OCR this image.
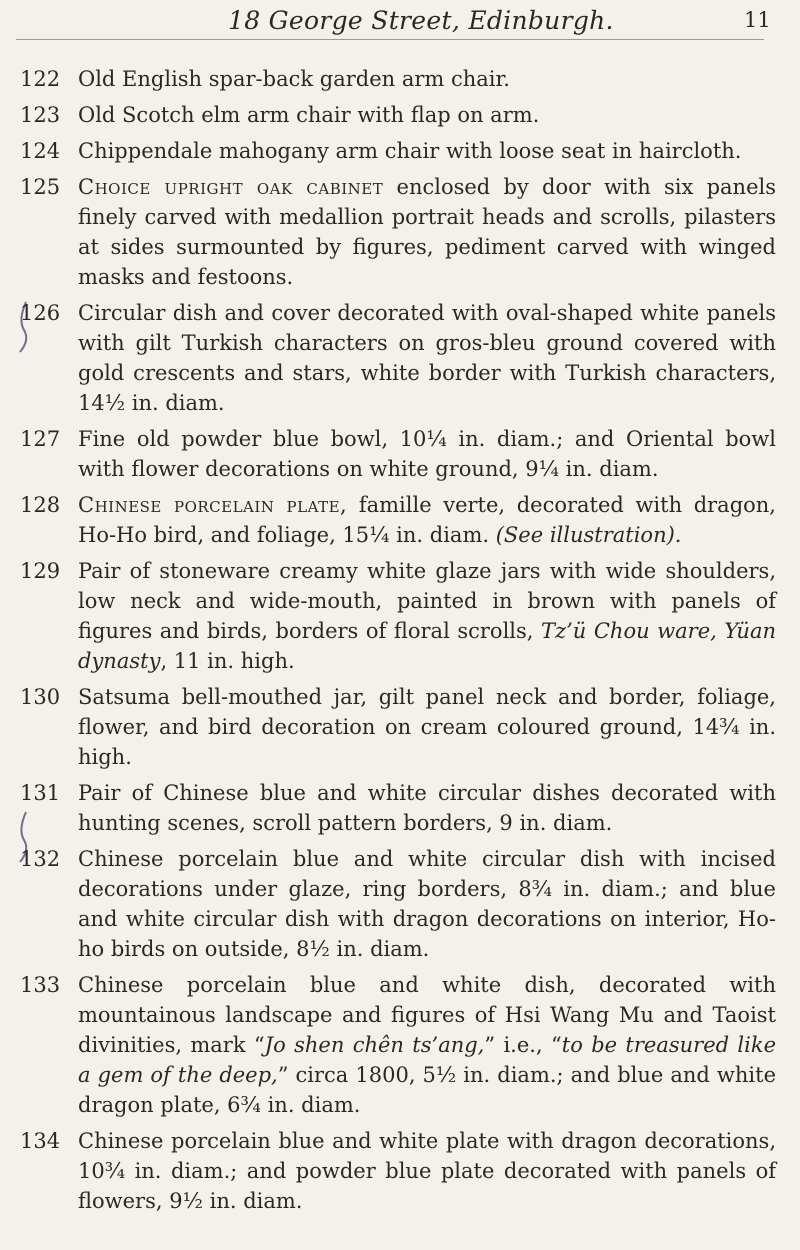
18 George Street, Edinburgh.	11
122 Old English spar-back garden arm chair.
123 Old Scotch elm arm chair with flap on arm.
124 Chippendale mahogany arm chair with loose seat in haircloth.
125 Choice upright oak cabinet enclosed by door with six panels finely carved with medallion portrait heads and scrolls, pilasters at sides surmounted by figures, pediment carved with winged masks and festoons.
126 Circular dish and cover decorated with oval-shaped white panels with gilt Turkish characters on gros-bleu ground covered with gold crescents and stars, white border with Turkish characters, 14½ in. diam.
127 Fine old powder blue bowl, 10¼ in. diam.; and Oriental bowl with flower decorations on white ground, 9¼ in. diam.
128 Chinese porcelain plate, famille verte, decorated with dragon, Ho-Ho bird, and foliage, 15¼ in. diam. (See illustration).
129 Pair of stoneware creamy white glaze jars with wide shoulders, low neck and wide-mouth, painted in brown with panels of figures and birds, borders of floral scrolls, Tz’ü Chou ware, Yüan dynasty, 11 in. high.
130 Satsuma bell-mouthed jar, gilt panel neck and border, foliage, flower, and bird decoration on cream coloured ground, 14¾ in. high.
131 Pair of Chinese blue and white circular dishes decorated with hunting scenes, scroll pattern borders, 9 in. diam.
132 Chinese porcelain blue and white circular dish with incised decorations under glaze, ring borders, 8¾ in. diam.; and blue and white circular dish with dragon decorations on interior, Ho-ho birds on outside, 8½ in. diam.
133 Chinese porcelain blue and white dish, decorated with mountainous landscape and figures of Hsi Wang Mu and Taoist divinities, mark “Jo shen chên ts’ang,” i.e., “to be treasured like a gem of the deep,” circa 1800, 5½ in. diam.; and blue and white dragon plate, 6¾ in. diam.
134 Chinese porcelain blue and white plate with dragon decorations, 10¾ in. diam.; and powder blue plate decorated with panels of flowers, 9½ in. diam.
